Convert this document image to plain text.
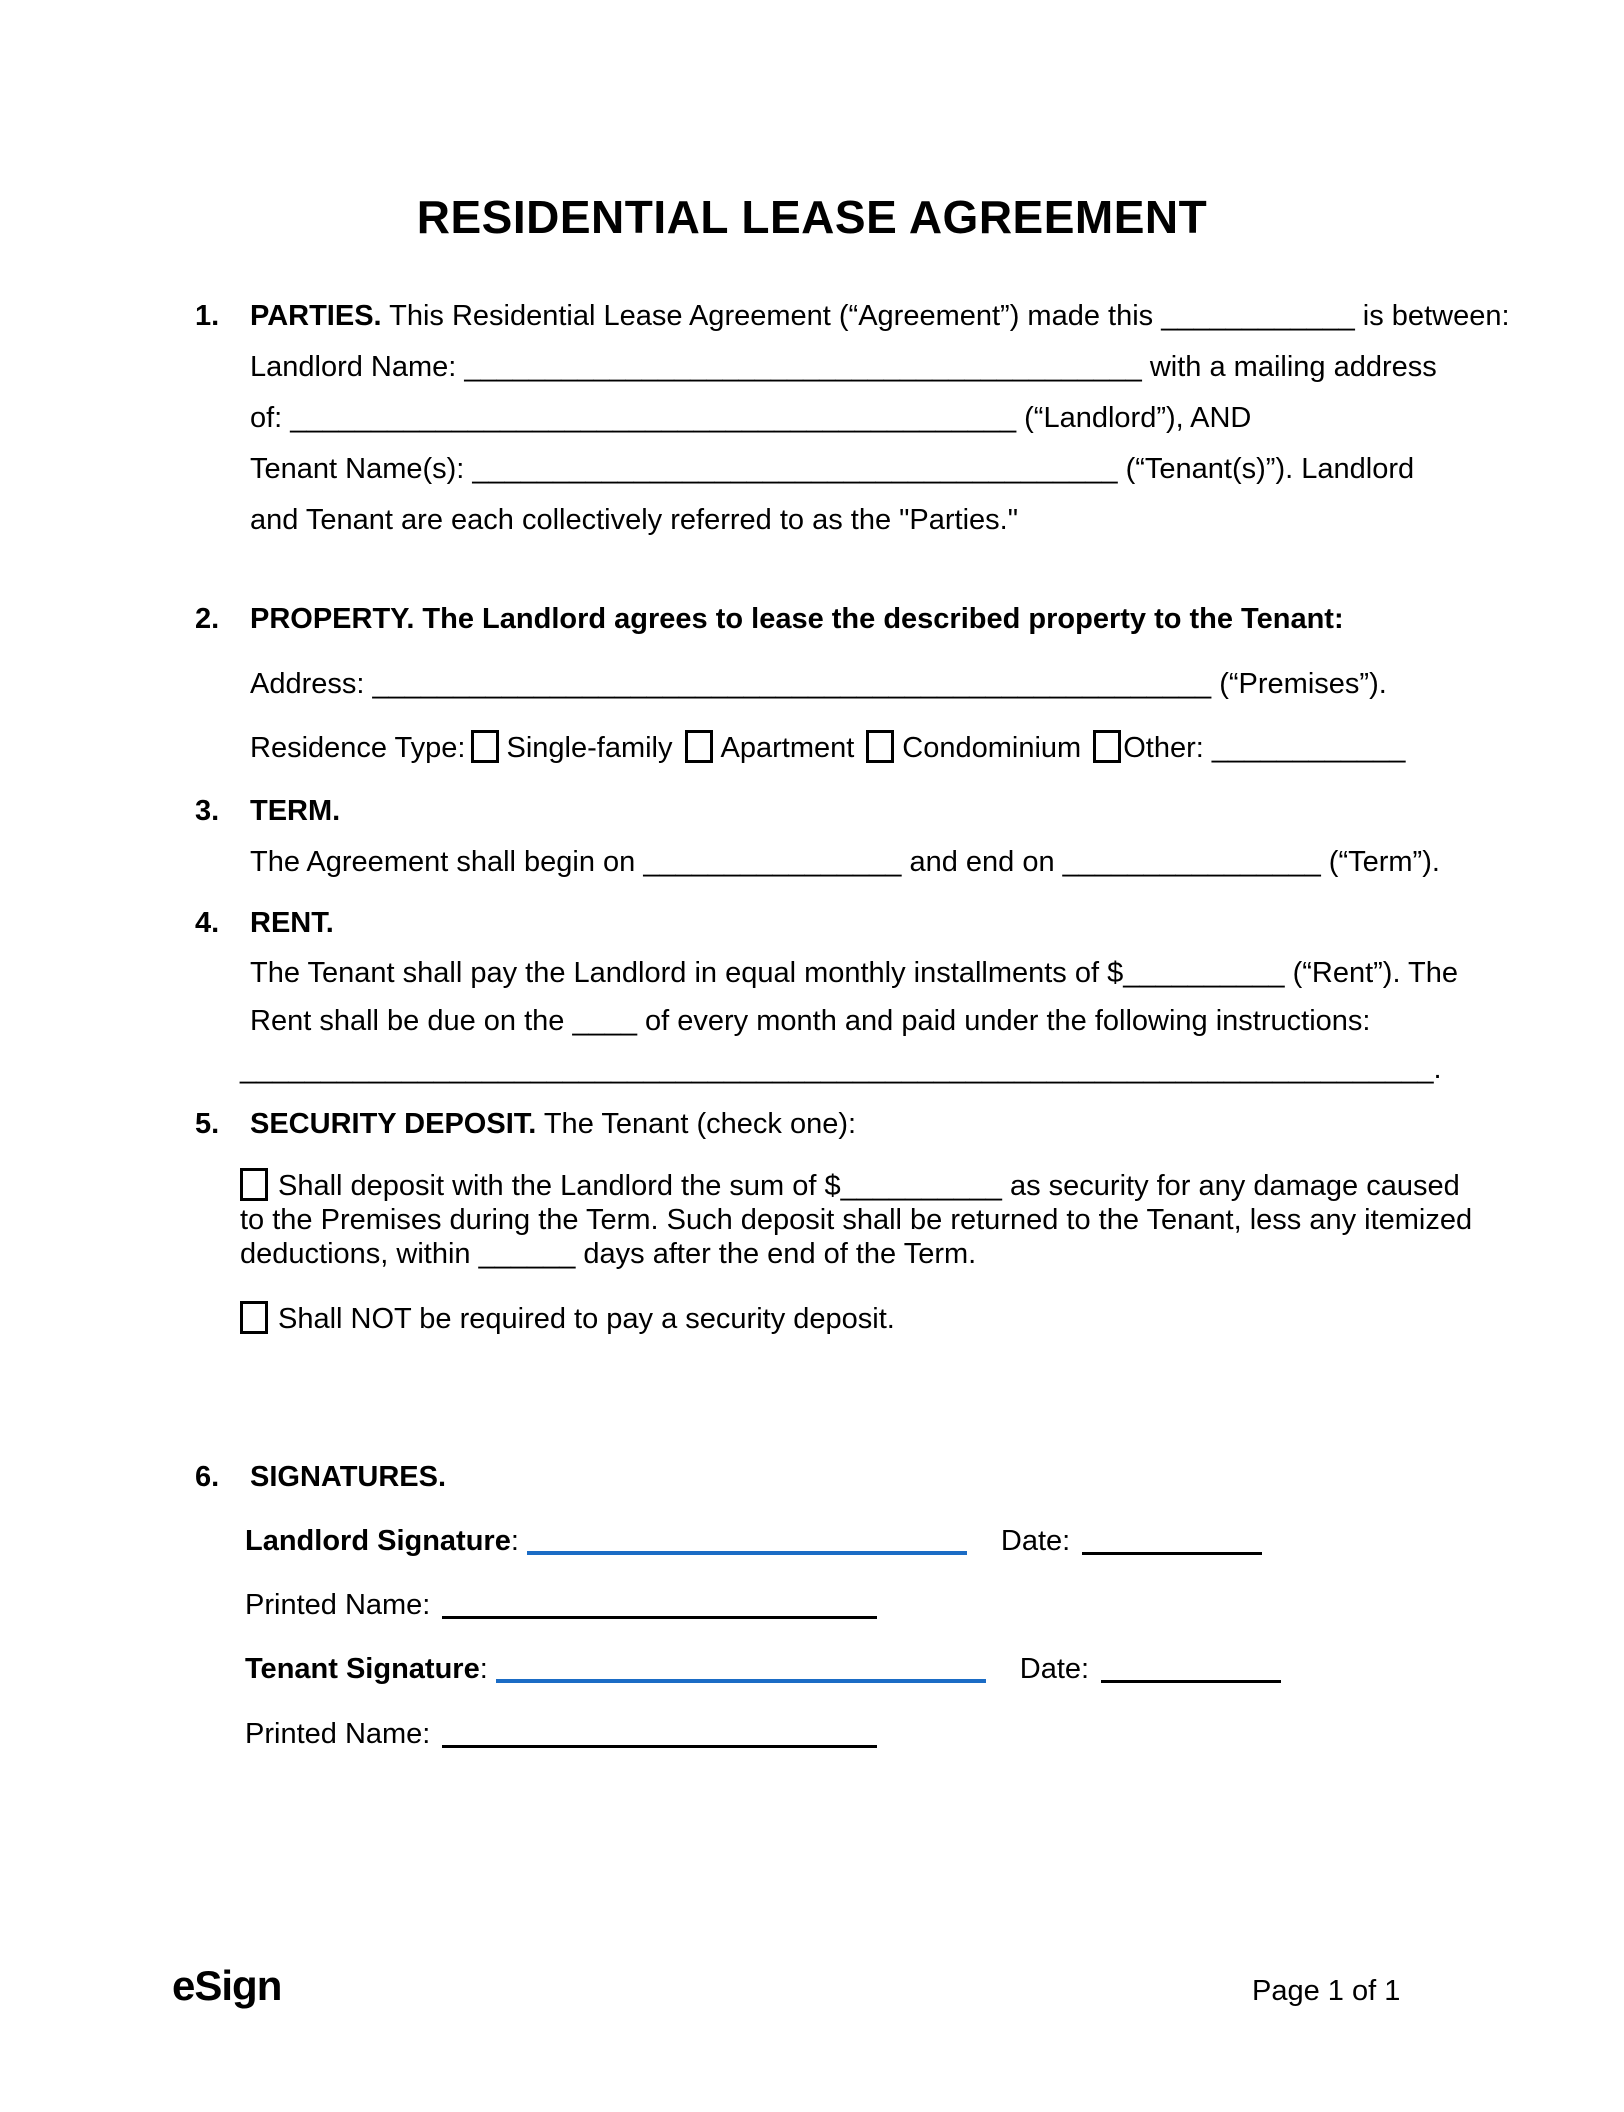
RESIDENTIAL LEASE AGREEMENT
1. PARTIES. This Residential Lease Agreement (“Agreement”) made this ____________ is between:
Landlord Name: __________________________________________ with a mailing address
of: _____________________________________________ (“Landlord”), AND
Tenant Name(s): ________________________________________ (“Tenant(s)”). Landlord
and Tenant are each collectively referred to as the "Parties."
2. PROPERTY. The Landlord agrees to lease the described property to the Tenant:
Address: ____________________________________________________ (“Premises”).
Residence Type: Single-family Apartment Condominium Other: ____________
3. TERM.
The Agreement shall begin on ________________ and end on ________________ (“Term”).
4. RENT.
The Tenant shall pay the Landlord in equal monthly installments of $__________ (“Rent”). The
Rent shall be due on the ____ of every month and paid under the following instructions:
__________________________________________________________________________.
5. SECURITY DEPOSIT. The Tenant (check one):
Shall deposit with the Landlord the sum of $__________ as security for any damage caused
to the Premises during the Term. Such deposit shall be returned to the Tenant, less any itemized
deductions, within ______ days after the end of the Term.
Shall NOT be required to pay a security deposit.
6. SIGNATURES.
Landlord Signature:	Date:
Printed Name:
Tenant Signature:	Date:
Printed Name:
eSign	Page 1 of 1
